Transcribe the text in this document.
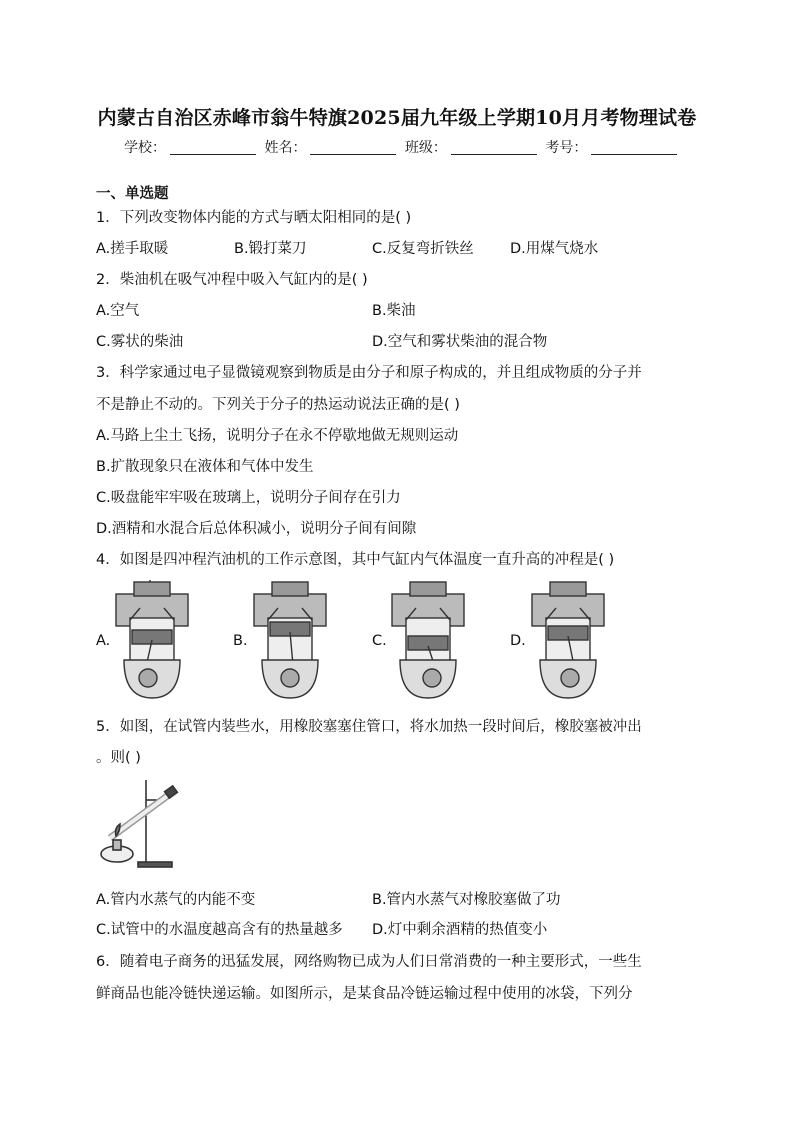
内蒙古自治区赤峰市翁牛特旗2025届九年级上学期10月月考物理试卷
学校：	姓名：	班级：	考号：
一、单选题
1．下列改变物体内能的方式与晒太阳相同的是( )
A.搓手取暖	B.锻打菜刀	C.反复弯折铁丝	D.用煤气烧水
2．柴油机在吸气冲程中吸入气缸内的是( )
A.空气	B.柴油
C.雾状的柴油	D.空气和雾状柴油的混合物
3．科学家通过电子显微镜观察到物质是由分子和原子构成的，并且组成物质的分子并
不是静止不动的。下列关于分子的热运动说法正确的是( )
A.马路上尘土飞扬，说明分子在永不停歇地做无规则运动
B.扩散现象只在液体和气体中发生
C.吸盘能牢牢吸在玻璃上，说明分子间存在引力
D.酒精和水混合后总体积减小，说明分子间有间隙
4．如图是四冲程汽油机的工作示意图，其中气缸内气体温度一直升高的冲程是( )
A.	B.	C.	D.
5．如图，在试管内装些水，用橡胶塞塞住管口，将水加热一段时间后，橡胶塞被冲出
。则( )
A.管内水蒸气的内能不变	B.管内水蒸气对橡胶塞做了功
C.试管中的水温度越高含有的热量越多 D.灯中剩余酒精的热值变小
6．随着电子商务的迅猛发展，网络购物已成为人们日常消费的一种主要形式，一些生
鲜商品也能冷链快递运输。如图所示，是某食品冷链运输过程中使用的冰袋，下列分
